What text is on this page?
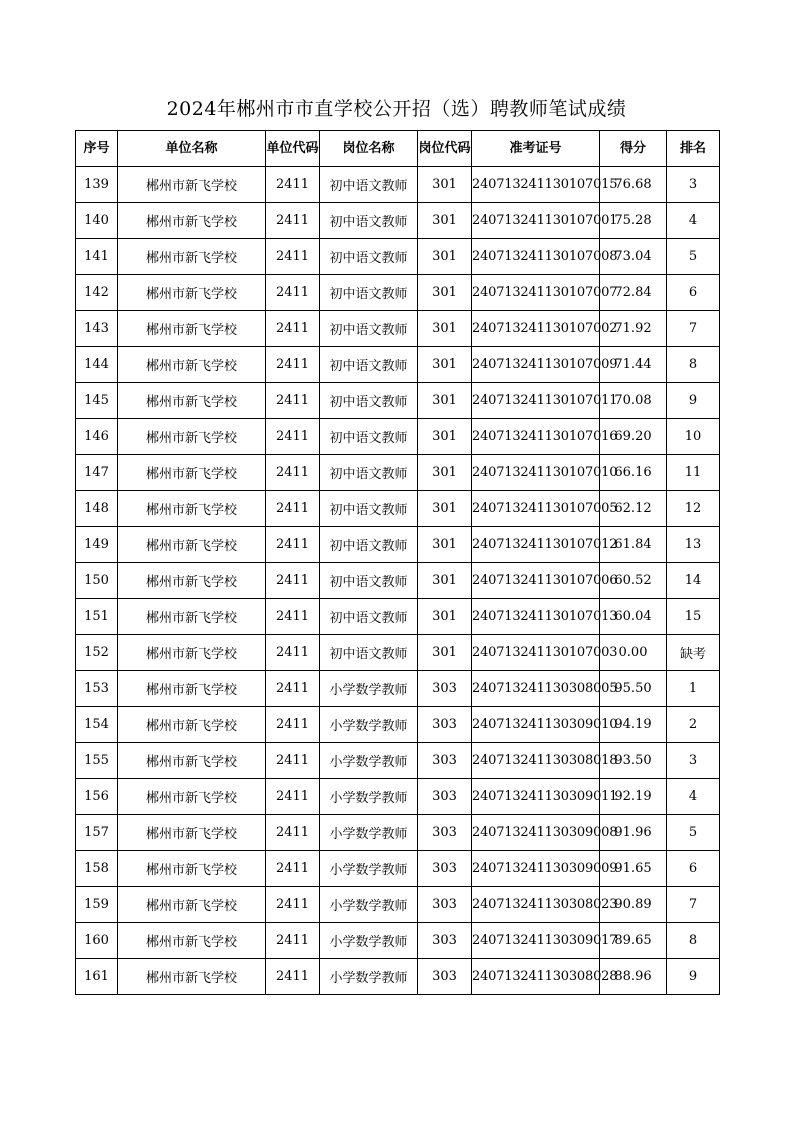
2024年郴州市市直学校公开招（选）聘教师笔试成绩
序号	单位名称	单位代码	岗位名称	岗位代码	准考证号	得分	排名
139	郴州市新飞学校	2411	初中语文教师	301	240713241130107015	76.68	3
140	郴州市新飞学校	2411	初中语文教师	301	240713241130107001	75.28	4
141	郴州市新飞学校	2411	初中语文教师	301	240713241130107008	73.04	5
142	郴州市新飞学校	2411	初中语文教师	301	240713241130107007	72.84	6
143	郴州市新飞学校	2411	初中语文教师	301	240713241130107002	71.92	7
144	郴州市新飞学校	2411	初中语文教师	301	240713241130107009	71.44	8
145	郴州市新飞学校	2411	初中语文教师	301	240713241130107011	70.08	9
146	郴州市新飞学校	2411	初中语文教师	301	240713241130107016	69.20	10
147	郴州市新飞学校	2411	初中语文教师	301	240713241130107010	66.16	11
148	郴州市新飞学校	2411	初中语文教师	301	240713241130107005	62.12	12
149	郴州市新飞学校	2411	初中语文教师	301	240713241130107012	61.84	13
150	郴州市新飞学校	2411	初中语文教师	301	240713241130107006	60.52	14
151	郴州市新飞学校	2411	初中语文教师	301	240713241130107013	60.04	15
152	郴州市新飞学校	2411	初中语文教师	301	240713241130107003	0.00	缺考
153	郴州市新飞学校	2411	小学数学教师	303	240713241130308005	95.50	1
154	郴州市新飞学校	2411	小学数学教师	303	240713241130309010	94.19	2
155	郴州市新飞学校	2411	小学数学教师	303	240713241130308018	93.50	3
156	郴州市新飞学校	2411	小学数学教师	303	240713241130309011	92.19	4
157	郴州市新飞学校	2411	小学数学教师	303	240713241130309008	91.96	5
158	郴州市新飞学校	2411	小学数学教师	303	240713241130309009	91.65	6
159	郴州市新飞学校	2411	小学数学教师	303	240713241130308023	90.89	7
160	郴州市新飞学校	2411	小学数学教师	303	240713241130309017	89.65	8
161	郴州市新飞学校	2411	小学数学教师	303	240713241130308028	88.96	9
